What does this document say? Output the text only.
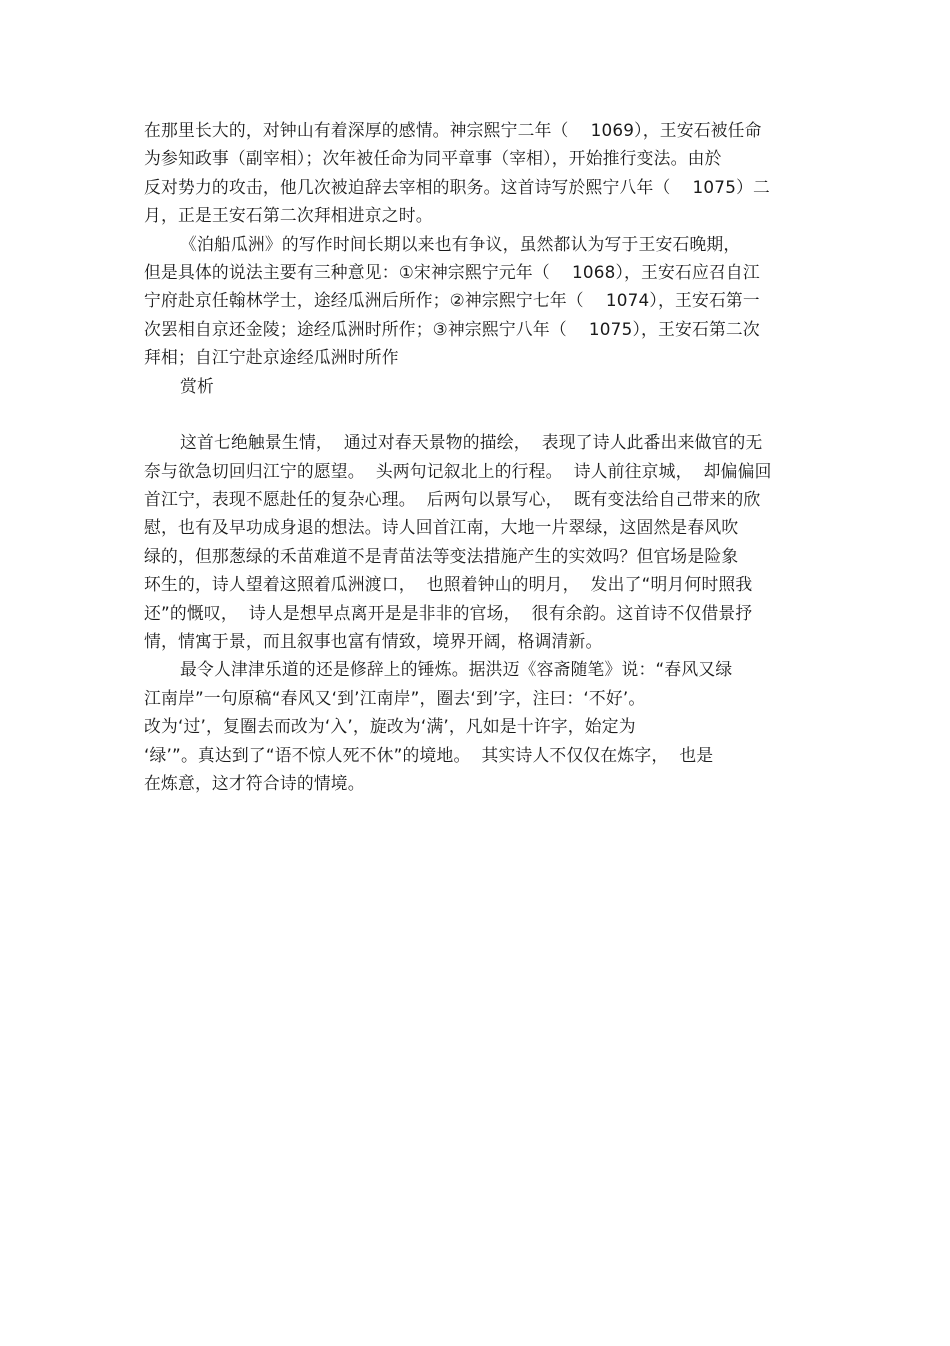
在那里长大的，对钟山有着深厚的感情。神宗熙宁二年（    1069），王安石被任命
为参知政事（副宰相）；次年被任命为同平章事（宰相），开始推行变法。由於
反对势力的攻击，他几次被迫辞去宰相的职务。这首诗写於熙宁八年（    1075）二
月，正是王安石第二次拜相进京之时。
《泊船瓜洲》的写作时间长期以来也有争议，虽然都认为写于王安石晚期，
但是具体的说法主要有三种意见：①宋神宗熙宁元年（    1068），王安石应召自江
宁府赴京任翰林学士，途经瓜洲后所作；②神宗熙宁七年（    1074），王安石第一
次罢相自京还金陵；途经瓜洲时所作；③神宗熙宁八年（    1075），王安石第二次
拜相；自江宁赴京途经瓜洲时所作
赏析
这首七绝触景生情，  通过对春天景物的描绘，  表现了诗人此番出来做官的无
奈与欲急切回归江宁的愿望。  头两句记叙北上的行程。  诗人前往京城，  却偏偏回
首江宁，表现不愿赴任的复杂心理。  后两句以景写心，  既有变法给自己带来的欣
慰，也有及早功成身退的想法。诗人回首江南，大地一片翠绿，这固然是春风吹
绿的，但那葱绿的禾苗难道不是青苗法等变法措施产生的实效吗？但官场是险象
环生的，诗人望着这照着瓜洲渡口，  也照着钟山的明月，  发出了“明月何时照我
还”的慨叹，  诗人是想早点离开是是非非的官场，  很有余韵。这首诗不仅借景抒
情，情寓于景，而且叙事也富有情致，境界开阔，格调清新。
最令人津津乐道的还是修辞上的锤炼。据洪迈《容斋随笔》说：“春风又绿
江南岸”一句原稿“春风又‘到’江南岸”，圈去‘到’字，注曰：‘不好’。
改为‘过’，复圈去而改为‘入’，旋改为‘满’，凡如是十许字，始定为
‘绿’”。真达到了“语不惊人死不休”的境地。  其实诗人不仅仅在炼字，  也是
在炼意，这才符合诗的情境。
